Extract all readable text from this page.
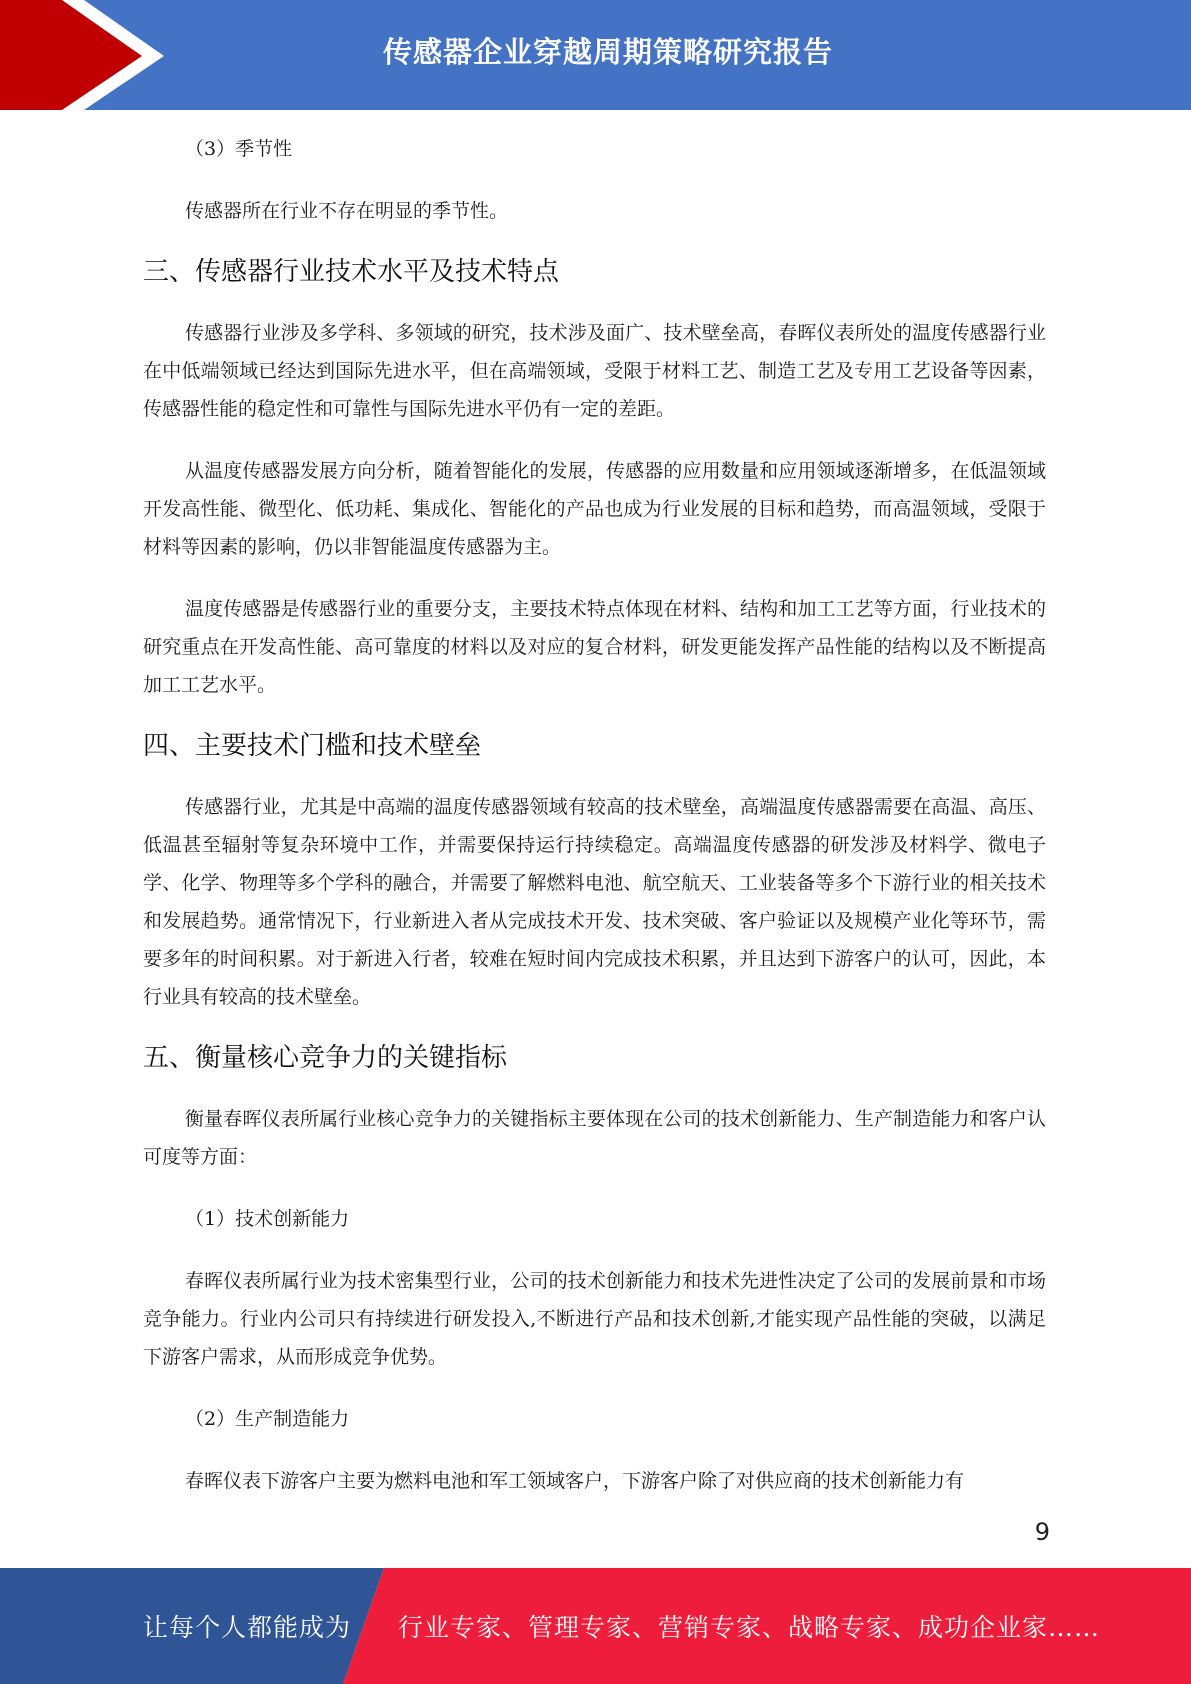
传感器企业穿越周期策略研究报告
（3）季节性
传感器所在行业不存在明显的季节性。
三、传感器行业技术水平及技术特点
传感器行业涉及多学科、多领域的研究，技术涉及面广、技术壁垒高，春晖仪表所处的温度传感器行业在中低端领域已经达到国际先进水平，但在高端领域，受限于材料工艺、制造工艺及专用工艺设备等因素，传感器性能的稳定性和可靠性与国际先进水平仍有一定的差距。
从温度传感器发展方向分析，随着智能化的发展，传感器的应用数量和应用领域逐渐增多，在低温领域开发高性能、微型化、低功耗、集成化、智能化的产品也成为行业发展的目标和趋势，而高温领域，受限于材料等因素的影响，仍以非智能温度传感器为主。
温度传感器是传感器行业的重要分支，主要技术特点体现在材料、结构和加工工艺等方面，行业技术的研究重点在开发高性能、高可靠度的材料以及对应的复合材料，研发更能发挥产品性能的结构以及不断提高加工工艺水平。
四、主要技术门槛和技术壁垒
传感器行业，尤其是中高端的温度传感器领域有较高的技术壁垒，高端温度传感器需要在高温、高压、低温甚至辐射等复杂环境中工作，并需要保持运行持续稳定。高端温度传感器的研发涉及材料学、微电子学、化学、物理等多个学科的融合，并需要了解燃料电池、航空航天、工业装备等多个下游行业的相关技术和发展趋势。通常情况下，行业新进入者从完成技术开发、技术突破、客户验证以及规模产业化等环节，需要多年的时间积累。对于新进入行者，较难在短时间内完成技术积累，并且达到下游客户的认可，因此，本行业具有较高的技术壁垒。
五、衡量核心竞争力的关键指标
衡量春晖仪表所属行业核心竞争力的关键指标主要体现在公司的技术创新能力、生产制造能力和客户认可度等方面：
（1）技术创新能力
春晖仪表所属行业为技术密集型行业，公司的技术创新能力和技术先进性决定了公司的发展前景和市场竞争能力。行业内公司只有持续进行研发投入,不断进行产品和技术创新,才能实现产品性能的突破，以满足下游客户需求，从而形成竞争优势。
（2）生产制造能力
春晖仪表下游客户主要为燃料电池和军工领域客户，下游客户除了对供应商的技术创新能力有
9
让每个人都能成为 行业专家、管理专家、营销专家、战略专家、成功企业家……
